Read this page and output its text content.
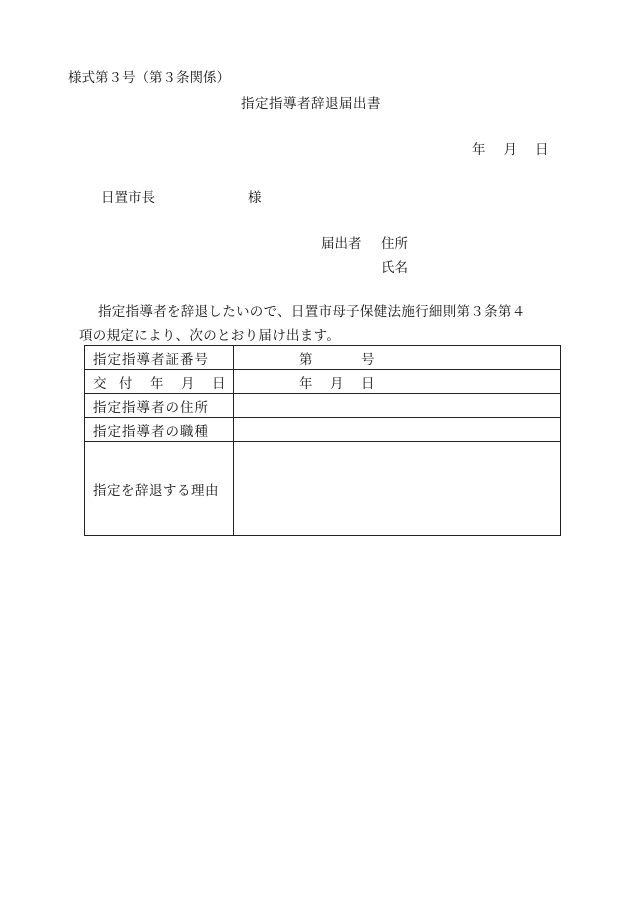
様式第３号（第３条関係）
指定指導者辞退届出書
年 月 日
日置市長	様
届出者 住所
氏名
指定指導者を辞退したいので、日置市母子保健法施行細則第３条第４
項の規定により、次のとおり届け出ます。
指定指導者証番号	第 号

交 付 年 月 日	年 月 日

指定指導者の住所	
指定指導者の職種	
指定を辞退する理由	
